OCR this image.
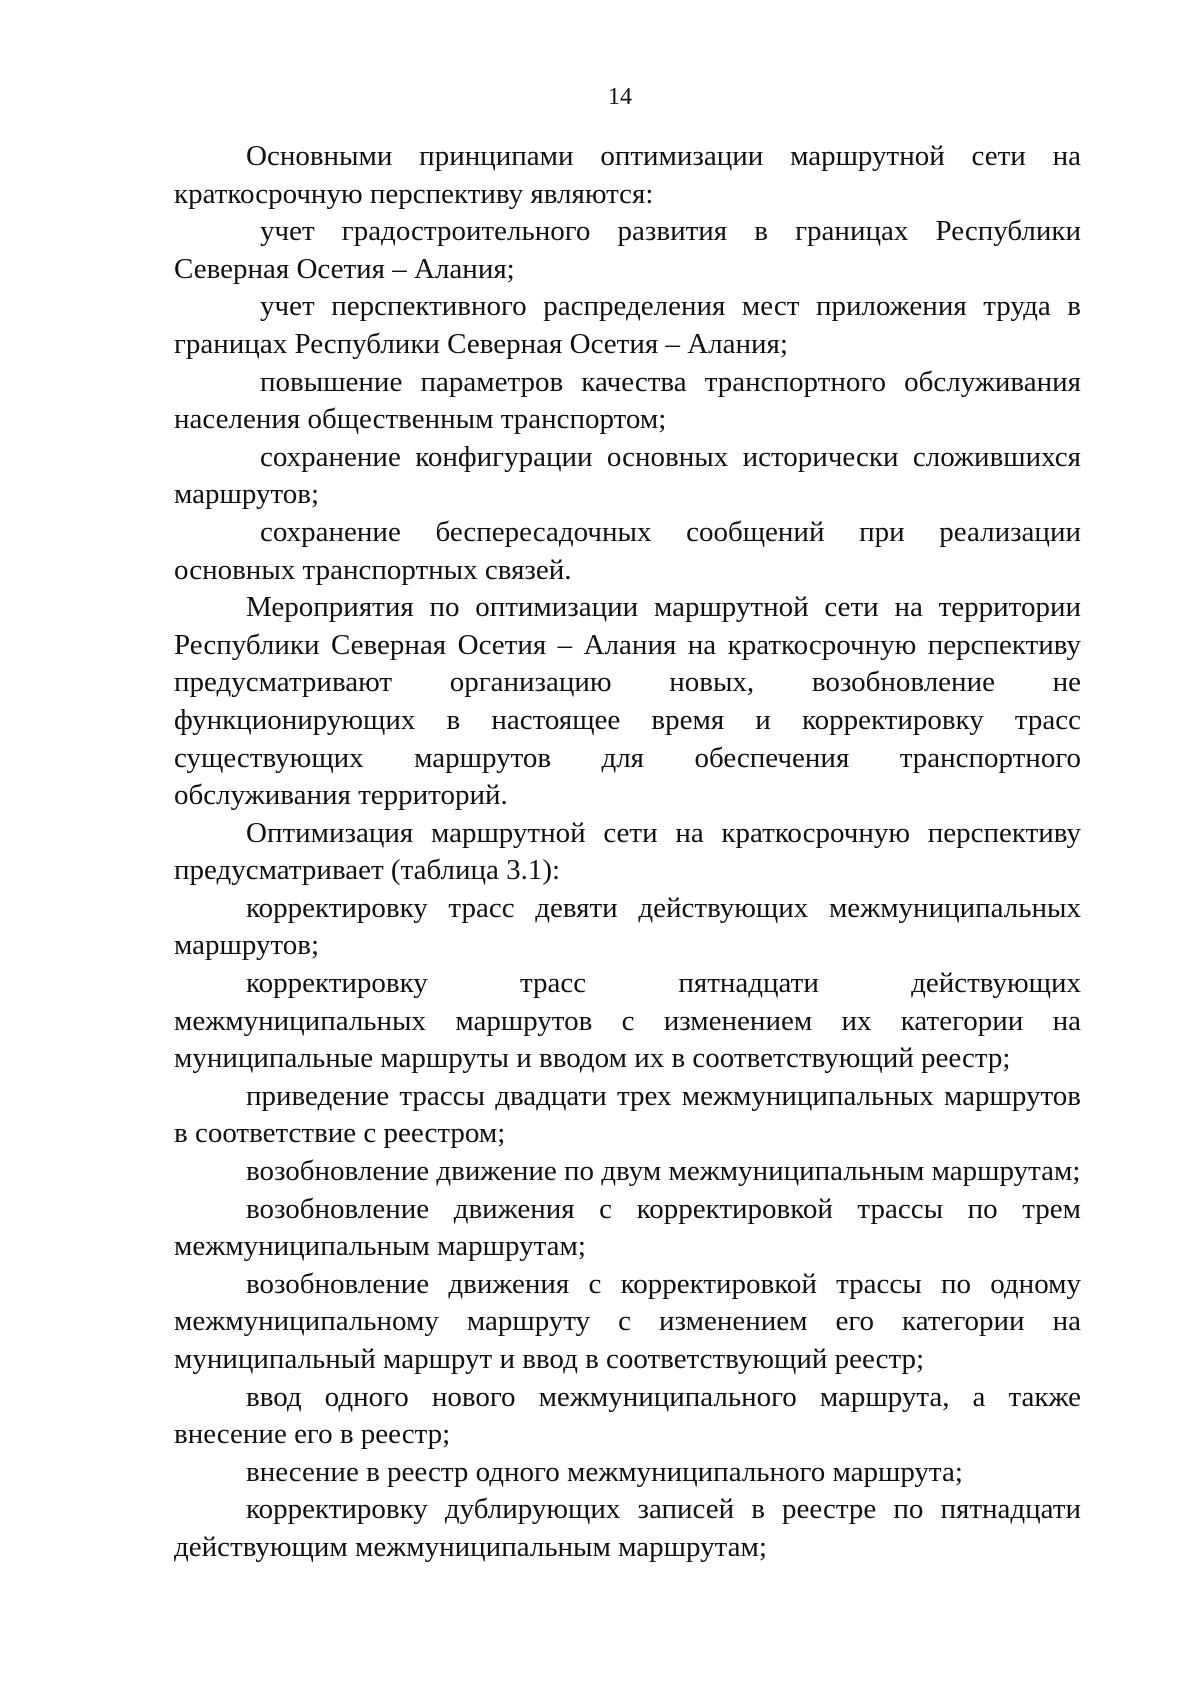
14

Основными принципами оптимизации маршрутной сети на краткосрочную перспективу являются:

учет градостроительного развития в границах Республики Северная Осетия – Алания;

учет перспективного распределения мест приложения труда в границах Республики Северная Осетия – Алания;

повышение параметров качества транспортного обслуживания населения общественным транспортом;

сохранение конфигурации основных исторически сложившихся маршрутов;

сохранение беспересадочных сообщений при реализации основных транспортных связей.

Мероприятия по оптимизации маршрутной сети на территории Республики Северная Осетия – Алания на краткосрочную перспективу предусматривают организацию новых, возобновление не функционирующих в настоящее время и корректировку трасс существующих маршрутов для обеспечения транспортного обслуживания территорий.

Оптимизация маршрутной сети на краткосрочную перспективу предусматривает (таблица 3.1):

корректировку трасс девяти действующих межмуниципальных маршрутов;

корректировку трасс пятнадцати действующих межмуниципальных маршрутов с изменением их категории на муниципальные маршруты и вводом их в соответствующий реестр;

приведение трассы двадцати трех межмуниципальных маршрутов в соответствие с реестром;

возобновление движение по двум межмуниципальным маршрутам;

возобновление движения с корректировкой трассы по трем межмуниципальным маршрутам;

возобновление движения с корректировкой трассы по одному межмуниципальному маршруту с изменением его категории на муниципальный маршрут и ввод в соответствующий реестр;

ввод одного нового межмуниципального маршрута, а также внесение его в реестр;

внесение в реестр одного межмуниципального маршрута;

корректировку дублирующих записей в реестре по пятнадцати действующим межмуниципальным маршрутам;
